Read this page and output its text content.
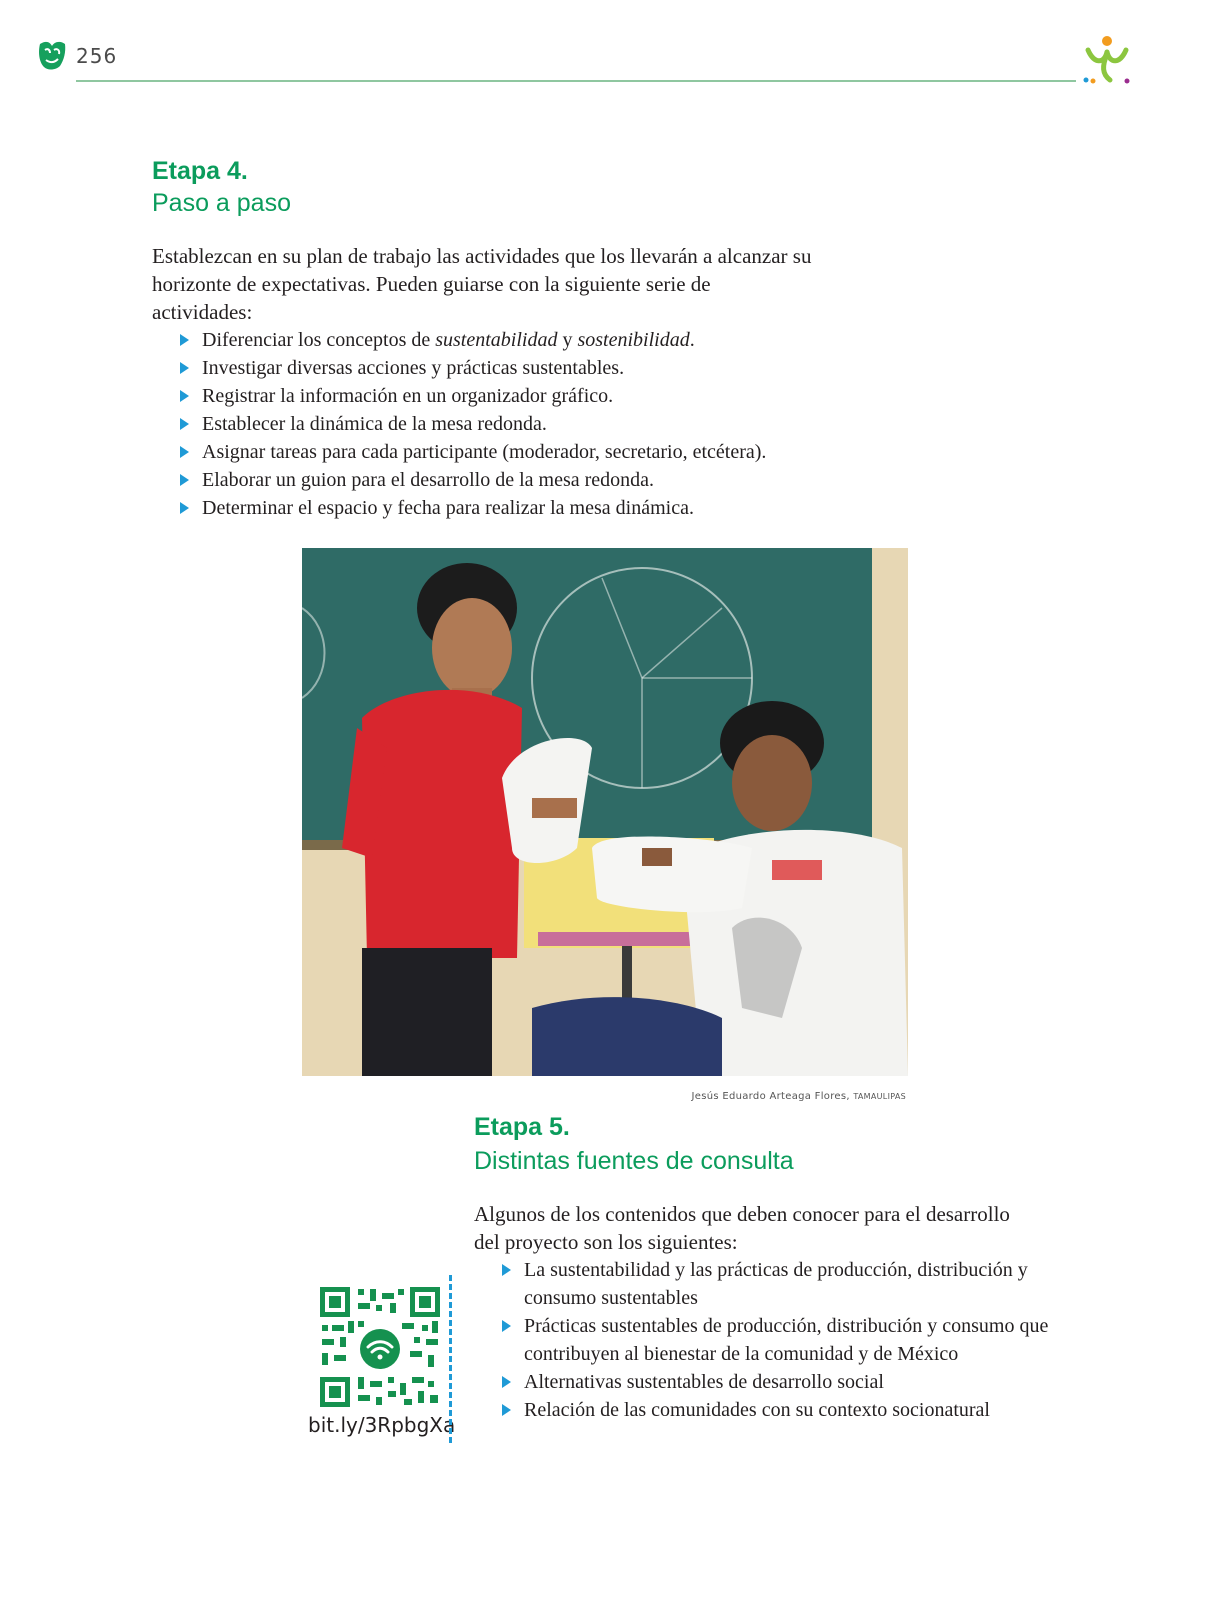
256
Etapa 4.
Paso a paso
Establezcan en su plan de trabajo las actividades que los llevarán a alcanzar su horizonte de expectativas. Pueden guiarse con la siguiente serie de actividades:
Diferenciar los conceptos de sustentabilidad y sostenibilidad.
Investigar diversas acciones y prácticas sustentables.
Registrar la información en un organizador gráfico.
Establecer la dinámica de la mesa redonda.
Asignar tareas para cada participante (moderador, secretario, etcétera).
Elaborar un guion para el desarrollo de la mesa redonda.
Determinar el espacio y fecha para realizar la mesa dinámica.
Jesús Eduardo Arteaga Flores, TAMAULIPAS
Etapa 5.
Distintas fuentes de consulta
Algunos de los contenidos que deben conocer para el desarrollo del proyecto son los siguientes:
La sustentabilidad y las prácticas de producción, distribución y consumo sustentables
Prácticas sustentables de producción, distribución y consumo que contribuyen al bienestar de la comunidad y de México
Alternativas sustentables de desarrollo social
Relación de las comunidades con su contexto socionatural
bit.ly/3RpbgXa
